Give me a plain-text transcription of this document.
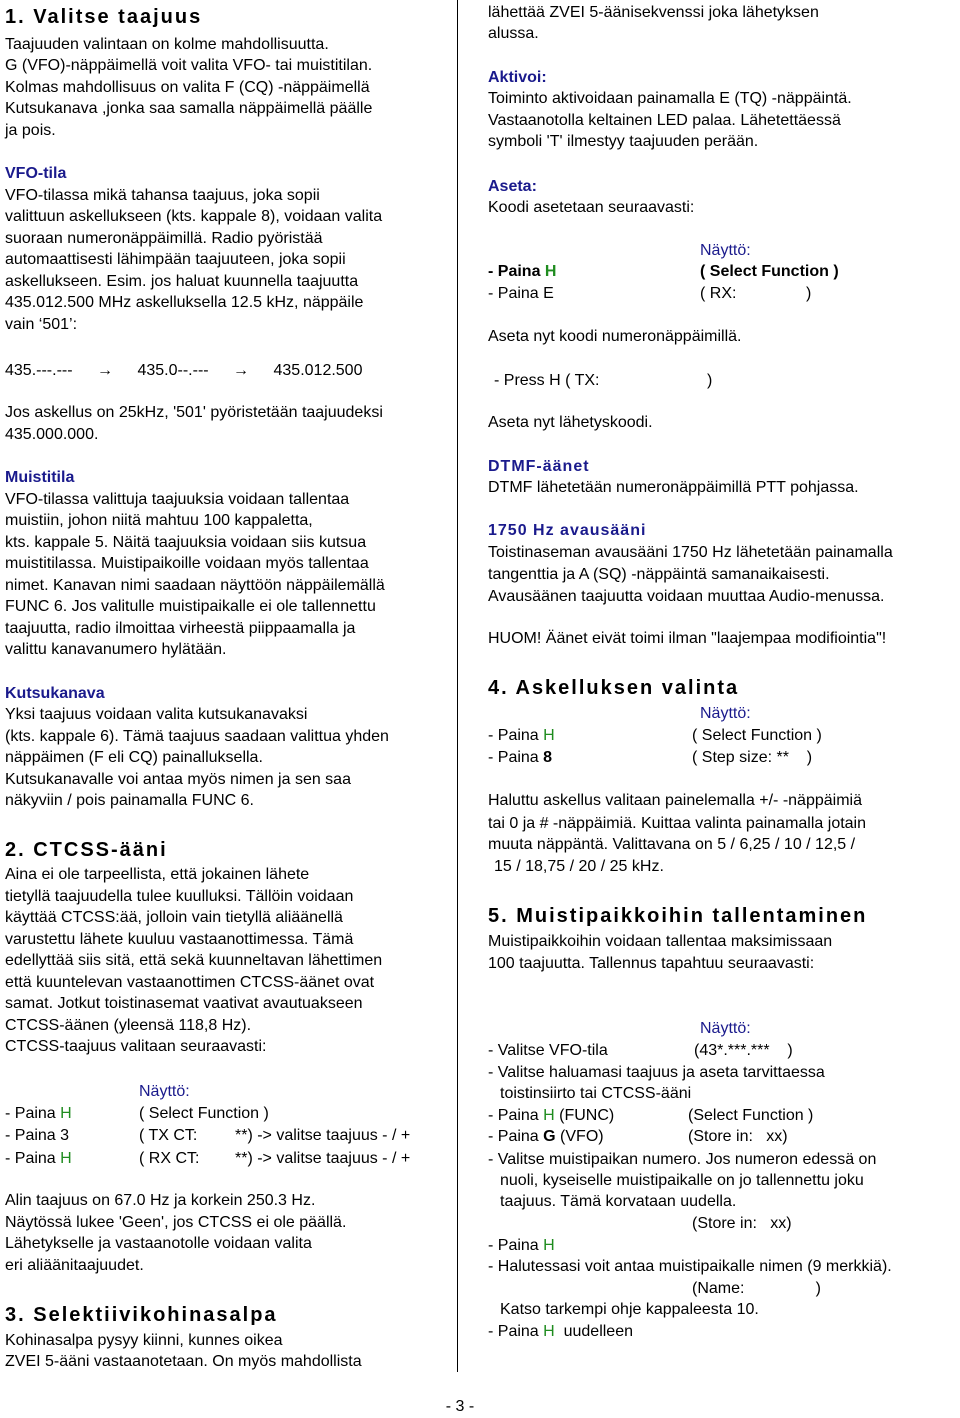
1. Valitse taajuus
Taajuuden valintaan on kolme mahdollisuutta.
G (VFO)-näppäimellä voit valita VFO- tai muistitilan.
Kolmas mahdollisuus on valita F (CQ) -näppäimellä
Kutsukanava ,jonka saa samalla näppäimellä päälle
ja pois.
VFO-tila
VFO-tilassa mikä tahansa taajuus, joka sopii
valittuun askellukseen (kts. kappale 8), voidaan valita
suoraan numeronäppäimillä. Radio pyöristää
automaattisesti lähimpään taajuuteen, joka sopii
askellukseen. Esim. jos haluat kuunnella taajuutta
435.012.500 MHz askelluksella 12.5 kHz, näppäile
vain ‘501’:
435.---.--- → 435.0--.--- → 435.012.500
Jos askellus on 25kHz, '501' pyöristetään taajuudeksi
435.000.000.
Muistitila
VFO-tilassa valittuja taajuuksia voidaan tallentaa
muistiin, johon niitä mahtuu 100 kappaletta,
kts. kappale 5. Näitä taajuuksia voidaan siis kutsua
muistitilassa. Muistipaikoille voidaan myös tallentaa
nimet. Kanavan nimi saadaan näyttöön näppäilemällä
FUNC 6. Jos valitulle muistipaikalle ei ole tallennettu
taajuutta, radio ilmoittaa virheestä piippaamalla ja
valittu kanavanumero hylätään.
Kutsukanava
Yksi taajuus voidaan valita kutsukanavaksi
(kts. kappale 6). Tämä taajuus saadaan valittua yhden
näppäimen (F eli CQ) painalluksella.
Kutsukanavalle voi antaa myös nimen ja sen saa
näkyviin / pois painamalla FUNC 6.
2. CTCSS-ääni
Aina ei ole tarpeellista, että jokainen lähete
tietyllä taajuudella tulee kuulluksi. Tällöin voidaan
käyttää CTCSS:ää, jolloin vain tietyllä aliäänellä
varustettu lähete kuuluu vastaanottimessa. Tämä
edellyttää siis sitä, että sekä kuunneltavan lähettimen
että kuuntelevan vastaanottimen CTCSS-äänet ovat
samat. Jotkut toistinasemat vaativat avautuakseen
CTCSS-äänen (yleensä 118,8 Hz).
CTCSS-taajuus valitaan seuraavasti:
Näyttö:
- Paina H	( Select Function )
- Paina 3	( TX CT: **) -> valitse taajuus - / +
- Paina H	( RX CT: **) -> valitse taajuus - / +
Alin taajuus on 67.0 Hz ja korkein 250.3 Hz.
Näytössä lukee 'Geen', jos CTCSS ei ole päällä.
Lähetykselle ja vastaanotolle voidaan valita
eri aliäänitaajuudet.
3. Selektiivikohinasalpa
Kohinasalpa pysyy kiinni, kunnes oikea
ZVEI 5-ääni vastaanotetaan. On myös mahdollista
lähettää ZVEI 5-äänisekvenssi joka lähetyksen
alussa.
Aktivoi:
Toiminto aktivoidaan painamalla E (TQ) -näppäintä.
Vastaanotolla keltainen LED palaa. Lähetettäessä
symboli 'T' ilmestyy taajuuden perään.
Aseta:
Koodi asetetaan seuraavasti:
Näyttö:
- Paina H	( Select Function )
- Paina E	( RX:	)
Aseta nyt koodi numeronäppäimillä.
- Press H ( TX:	)
Aseta nyt lähetyskoodi.
DTMF-äänet
DTMF lähetetään numeronäppäimillä PTT pohjassa.
1750 Hz avausääni
Toistinaseman avausääni 1750 Hz lähetetään painamalla
tangenttia ja A (SQ) -näppäintä samanaikaisesti.
Avausäänen taajuutta voidaan muuttaa Audio-menussa.
HUOM! Äänet eivät toimi ilman "laajempaa modifiointia"!
4. Askelluksen valinta
Näyttö:
- Paina H	( Select Function )
- Paina 8	( Step size: **    )
Haluttu askellus valitaan painelemalla +/- -näppäimiä
tai 0 ja # -näppäimiä. Kuittaa valinta painamalla jotain
muuta näppäntä. Valittavana on 5 / 6,25 / 10 / 12,5 /
15 / 18,75 / 20 / 25 kHz.
5. Muistipaikkoihin tallentaminen
Muistipaikkoihin voidaan tallentaa maksimissaan
100 taajuutta. Tallennus tapahtuu seuraavasti:
Näyttö:
- Valitse VFO-tila	(43*.***.***    )
- Valitse haluamasi taajuus ja aseta tarvittaessa
toistinsiirto tai CTCSS-ääni
- Paina H (FUNC)	(Select Function )
- Paina G (VFO)	(Store in:   xx)
- Valitse muistipaikan numero. Jos numeron edessä on
nuoli, kyseiselle muistipaikalle on jo tallennettu joku
taajuus. Tämä korvataan uudella.
(Store in:   xx)
- Paina H
- Halutessasi voit antaa muistipaikalle nimen (9 merkkiä).
(Name:                )
Katso tarkempi ohje kappaleesta 10.
- Paina H  uudelleen
- 3 -
